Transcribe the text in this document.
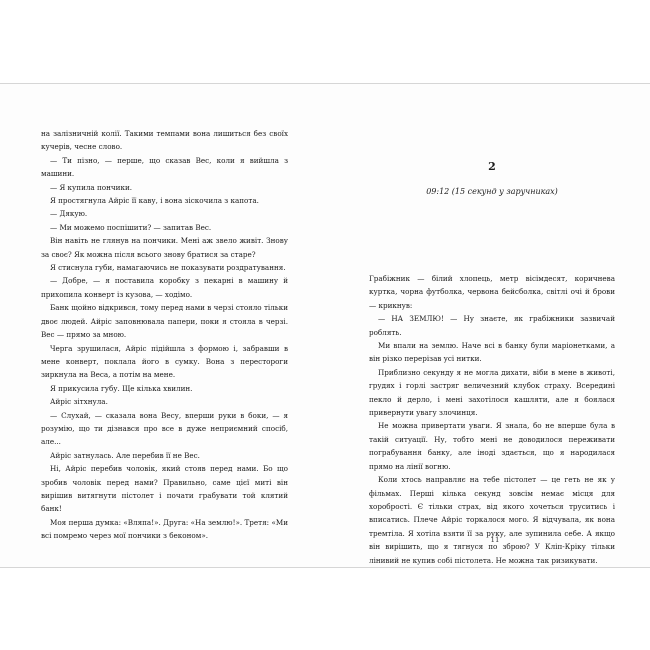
на залізничній колії. Такими темпами вона лишиться без своїх кучерів, чесне слово.

— Ти пізно, — перше, що сказав Вес, коли я вийшла з машини.

— Я купила пончики.

Я простягнула Айріс її каву, і вона зіскочила з капота.

— Дякую.

— Ми можемо поспішити? — запитав Вес.

Він навіть не глянув на пончики. Мені аж звело живіт. Знову за своє? Як можна після всього знову братися за старе?

Я стиснула губи, намагаючись не показувати роздратування.

— Добре, — я поставила коробку з пекарні в машину й прихопила конверт із кузова, — ходімо.

Банк щойно відкрився, тому перед нами в черзі стояло тільки двоє людей. Айріс заповнювала папери, поки я стояла в черзі. Вес — прямо за мною.

Черга зрушилася, Айріс підійшла з формою і, забравши в мене конверт, поклала його в сумку. Вона з перестороги зиркнула на Веса, а потім на мене.

Я прикусила губу. Ще кілька хвилин.

Айріс зітхнула.

— Слухай, — сказала вона Весу, вперши руки в боки, — я розумію, що ти дізнався про все в дуже неприємний спосіб, але...

Айріс затнулась. Але перебив її не Вес.

Ні, Айріс перебив чоловік, який стояв перед нами. Бо що зробив чоловік перед нами? Правильно, саме цієї миті він вирішив витягнути пістолет і почати грабувати той клятий банк!

Моя перша думка: «Вляпа!». Друга: «На землю!». Третя: «Ми всі помремо через мої пончики з беконом».

2
09:12 (15 секунд у заручниках)

Грабіжник — білий хлопець, метр вісімдесят, коричнева куртка, чорна футболка, червона бейсболка, світлі очі й брови — крикнув:

— НА ЗЕМЛЮ! — Ну знаєте, як грабіжники зазвичай роблять.

Ми впали на землю. Наче всі в банку були маріонетками, а він різко перерізав усі нитки.

Приблизно секунду я не могла дихати, віби в мене в животі, грудях і горлі застряг величезний клубок страху. Всередині пекло й дерло, і мені захотілося кашляти, але я боялася привернути увагу злочинця.

Не можна привертати уваги. Я знала, бо не вперше була в такій ситуації. Ну, тобто мені не доводилося переживати пограбування банку, але іноді здається, що я народилася прямо на лінії вогню.

Коли хтось направляє на тебе пістолет — це геть не як у фільмах. Перші кілька секунд зовсім немає місця для хоробрості. Є тільки страх, від якого хочеться труситись і вписатись. Плече Айріс торкалося мого. Я відчувала, як вона тремтіла. Я хотіла взяти її за руку, але зупинила себе. А якщо він вирішить, що я тягнуся по зброю? У Кліп-Кріку тільки лінивий не купив собі пістолета. Не можна так ризикувати.

11
